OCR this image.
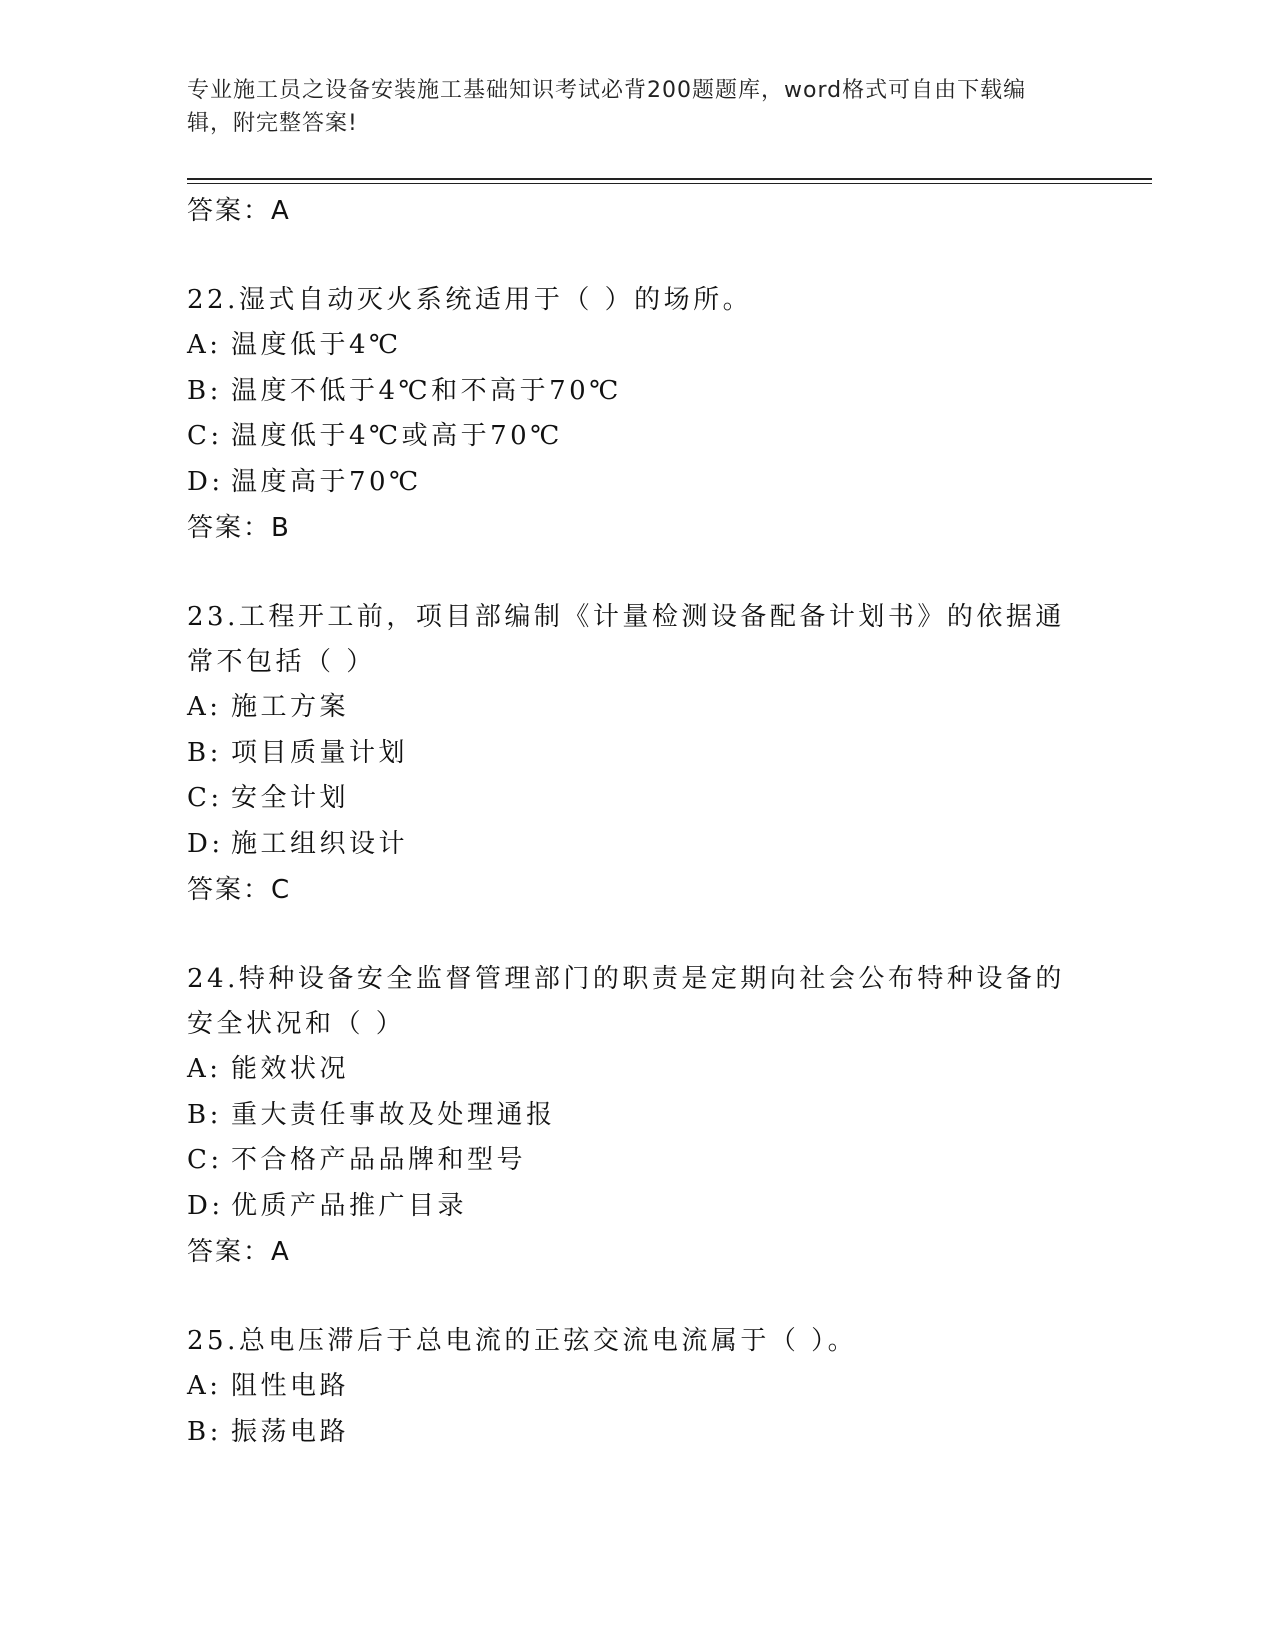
专业施工员之设备安装施工基础知识考试必背200题题库，word格式可自由下载编辑，附完整答案!
答案：A
22.湿式自动灭火系统适用于（ ）的场所。
A: 温度低于4℃
B: 温度不低于4℃和不高于70℃
C: 温度低于4℃或高于70℃
D: 温度高于70℃
答案：B
23.工程开工前，项目部编制《计量检测设备配备计划书》的依据通常不包括（ ）
A: 施工方案
B: 项目质量计划
C: 安全计划
D: 施工组织设计
答案：C
24.特种设备安全监督管理部门的职责是定期向社会公布特种设备的安全状况和（ ）
A: 能效状况
B: 重大责任事故及处理通报
C: 不合格产品品牌和型号
D: 优质产品推广目录
答案：A
25.总电压滞后于总电流的正弦交流电流属于（ ）。
A: 阻性电路
B: 振荡电路
